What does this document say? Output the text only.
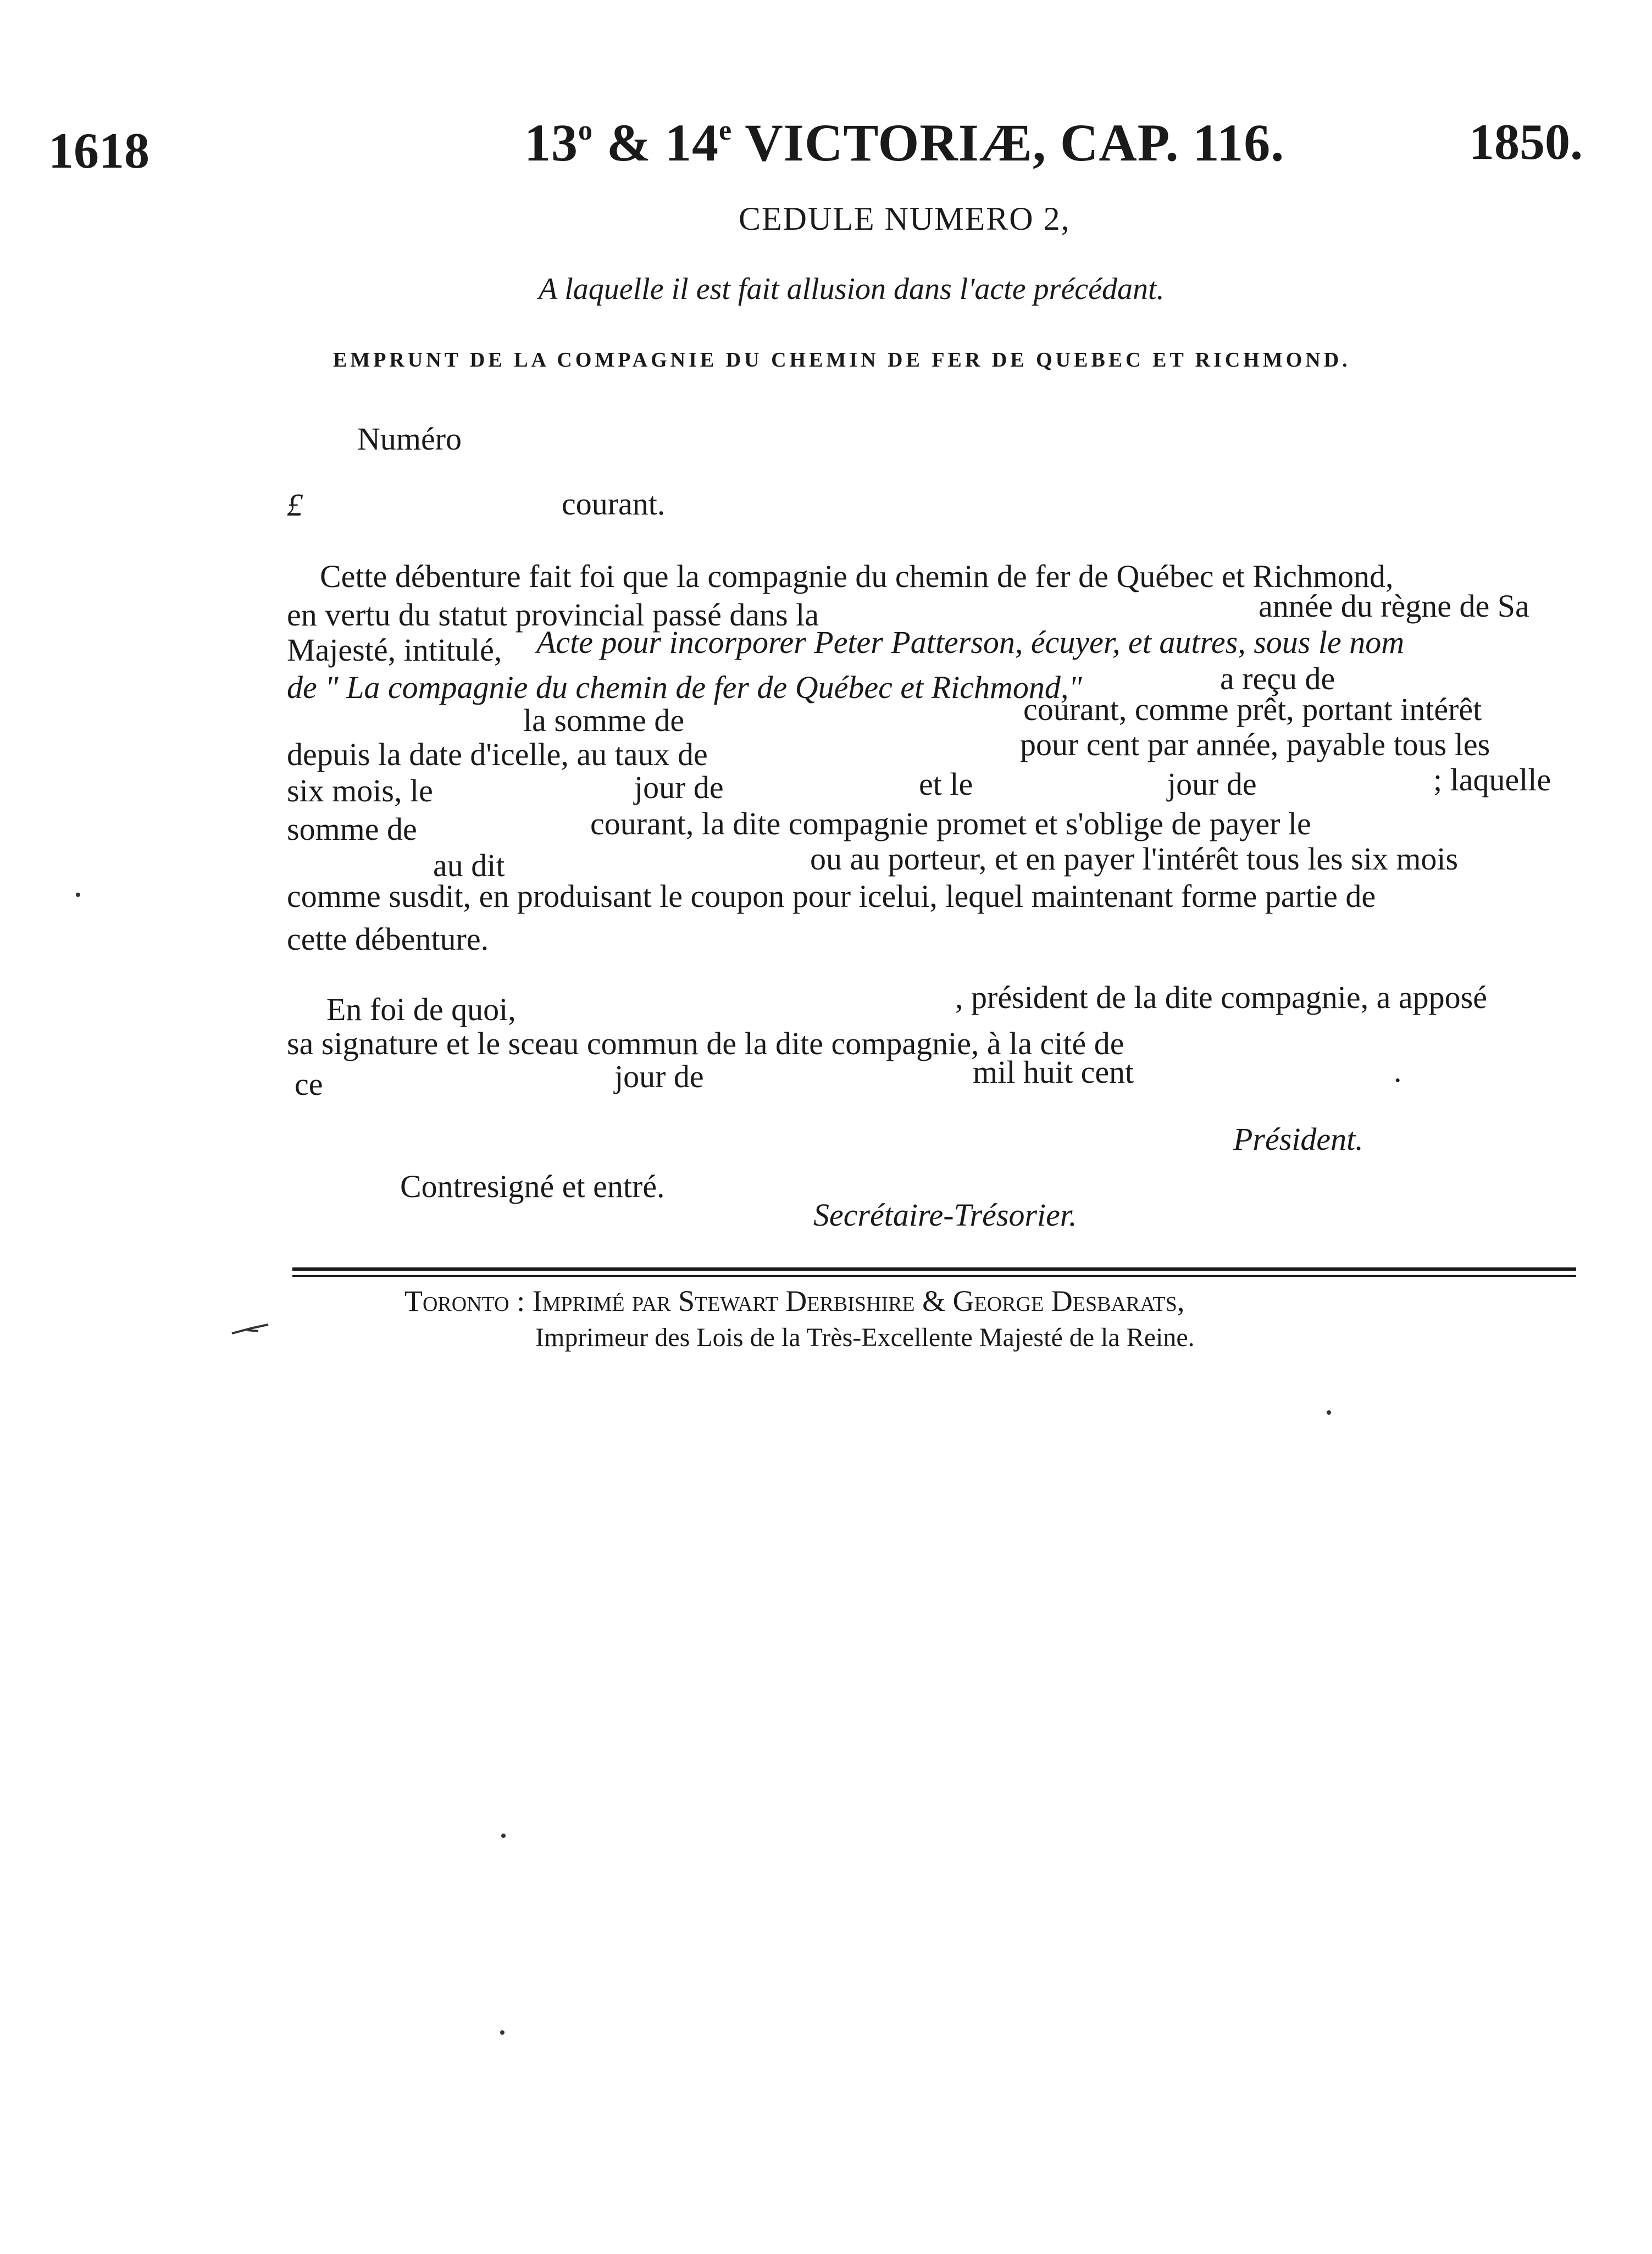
1618	13$^o$ & 14e VICTORIÆ, CAP. 116.	1850.
CEDULE NUMERO 2,
A laquelle il est fait allusion dans l'acte précédant.
EMPRUNT DE LA COMPAGNIE DU CHEMIN DE FER DE QUEBEC ET RICHMOND.
Numéro
£	courant.
Cette débenture fait foi que la compagnie du chemin de fer de Québec et Richmond,
en vertu du statut provincial passé dans la	année du règne de Sa
Majesté, intitulé, Acte pour incorporer Peter Patterson, écuyer, et autres, sous le nom
de " La compagnie du chemin de fer de Québec et Richmond,"	a reçu de
la somme de	courant, comme prêt, portant intérêt
depuis la date d'icelle, au taux de	pour cent par année, payable tous les
six mois, le	jour de	et le	jour de	; laquelle
somme de	courant, la dite compagnie promet et s'oblige de payer le
au dit	ou au porteur, et en payer l'intérêt tous les six mois
comme susdit, en produisant le coupon pour icelui, lequel maintenant forme partie de
cette débenture.
En foi de quoi,	, président de la dite compagnie, a apposé
sa signature et le sceau commun de la dite compagnie, à la cité de
ce	jour de	mil huit cent	.
Président.
Contresigné et entré.
Secrétaire-Trésorier.
Toronto : Imprimé par Stewart Derbishire & George Desbarats,
Imprimeur des Lois de la Très-Excellente Majesté de la Reine.
